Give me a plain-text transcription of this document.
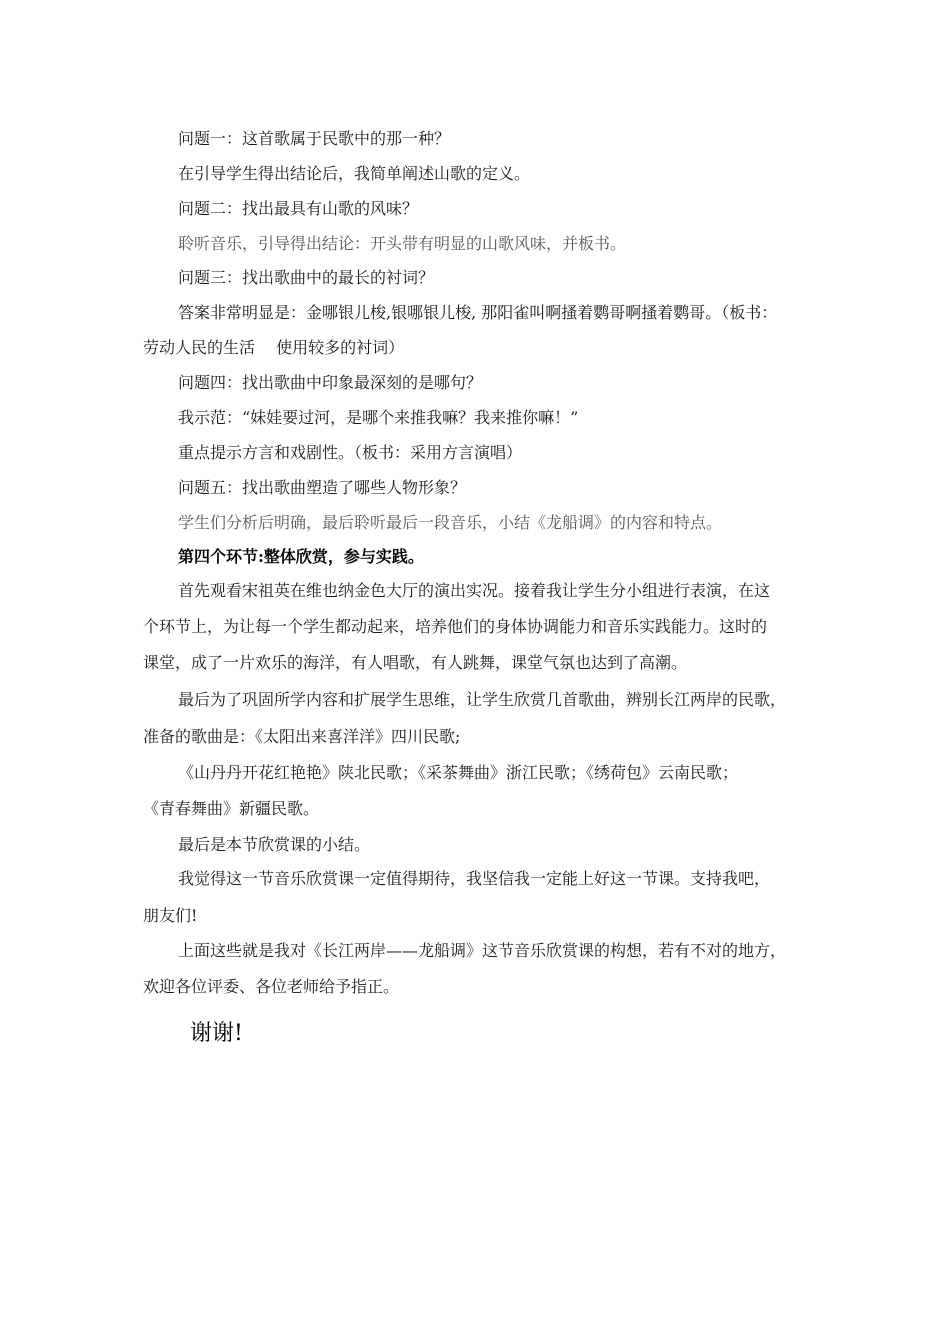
问题一：这首歌属于民歌中的那一种？
在引导学生得出结论后，我简单阐述山歌的定义。
问题二：找出最具有山歌的风味？
聆听音乐，引导得出结论：开头带有明显的山歌风味，并板书。
问题三：找出歌曲中的最长的衬词？
答案非常明显是：金哪银儿梭,银哪银儿梭, 那阳雀叫啊搔着鹦哥啊搔着鹦哥。（板书：
劳动人民的生活　 使用较多的衬词）
问题四：找出歌曲中印象最深刻的是哪句？
我示范：“妹娃要过河，是哪个来推我嘛？我来推你嘛！”
重点提示方言和戏剧性。（板书：采用方言演唱）
问题五：找出歌曲塑造了哪些人物形象？
学生们分析后明确，最后聆听最后一段音乐，小结《龙船调》的内容和特点。
第四个环节:整体欣赏，参与实践。
首先观看宋祖英在维也纳金色大厅的演出实况。接着我让学生分小组进行表演，在这
个环节上，为让每一个学生都动起来，培养他们的身体协调能力和音乐实践能力。这时的
课堂，成了一片欢乐的海洋，有人唱歌，有人跳舞，课堂气氛也达到了高潮。
最后为了巩固所学内容和扩展学生思维，让学生欣赏几首歌曲，辨别长江两岸的民歌，
准备的歌曲是：《太阳出来喜洋洋》四川民歌;
《山丹丹开花红艳艳》陕北民歌；《采茶舞曲》浙江民歌；《绣荷包》云南民歌；
《青春舞曲》新疆民歌。
最后是本节欣赏课的小结。
我觉得这一节音乐欣赏课一定值得期待，我坚信我一定能上好这一节课。支持我吧，
朋友们!
上面这些就是我对《长江两岸——龙船调》这节音乐欣赏课的构想，若有不对的地方，
欢迎各位评委、各位老师给予指正。
谢谢!
